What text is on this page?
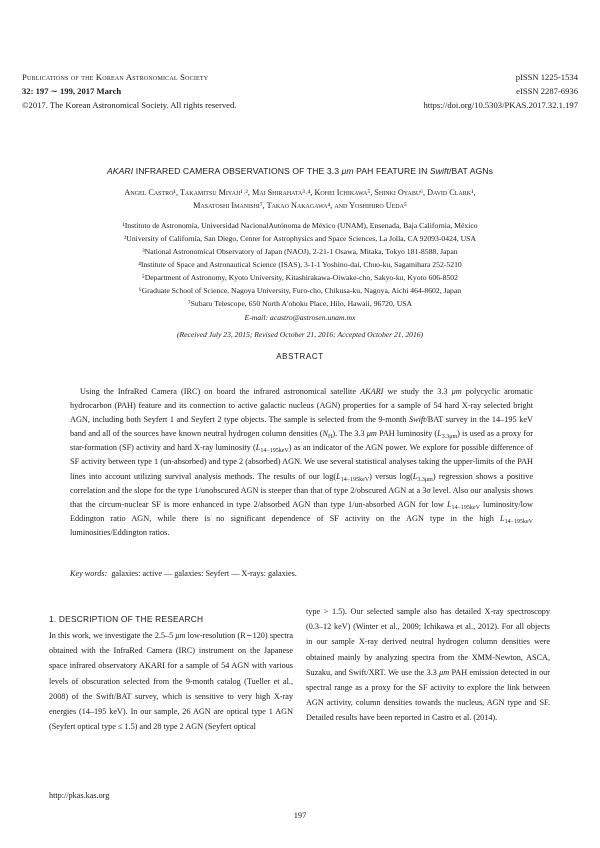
Publications of the Korean Astronomical Society
32: 197 ∼ 199, 2017 March
©2017. The Korean Astronomical Society. All rights reserved.
pISSN 1225-1534
eISSN 2287-6936
https://doi.org/10.5303/PKAS.2017.32.1.197
AKARI INFRARED CAMERA OBSERVATIONS OF THE 3.3 μm PAH FEATURE IN Swift/BAT AGNs
Angel Castro¹, Takamitsu Miyaji¹˒², Mai Shirahata³˒⁴, Kohei Ichikawa⁵, Shinki Oyabu⁶, David Clark¹,
Masatoshi Imanishi⁷, Takao Nakagawa⁴, and Yoshihiro Ueda⁵
¹Instituto de Astronomía, Universidad NacionalAutónoma de México (UNAM), Ensenada, Baja California, México
²University of California, San Diego, Center for Astrophysics and Space Sciences, La Jolla, CA 92093-0424, USA
³National Astronomical Observatory of Japan (NAOJ), 2-21-1 Osawa, Mitaka, Tokyo 181-8588, Japan
⁴Institute of Space and Astronautical Science (ISAS), 3-1-1 Yoshino-dai, Chuo-ku, Sagamihara 252-5210
⁵Department of Astronomy, Kyoto University, Kitashirakawa-Oiwake-cho, Sakyo-ku, Kyoto 606-8502
⁶Graduate School of Science, Nagoya University, Furo-cho, Chikusa-ku, Nagoya, Aichi 464-8602, Japan
⁷Subaru Telescope, 650 North A'ohoku Place, Hilo, Hawaii, 96720, USA
E-mail: acastro@astrosen.unam.mx
(Received July 23, 2015; Revised October 21, 2016; Accepted October 21, 2016)
ABSTRACT
Using the InfraRed Camera (IRC) on board the infrared astronomical satellite AKARI we study the 3.3 μm polycyclic aromatic hydrocarbon (PAH) feature and its connection to active galactic nucleus (AGN) properties for a sample of 54 hard X-ray selected bright AGN, including both Seyfert 1 and Seyfert 2 type objects. The sample is selected from the 9-month Swift/BAT survey in the 14–195 keV band and all of the sources have known neutral hydrogen column densities $(N_H)$. The 3.3 μm PAH luminosity $(L_{3.3\mu m})$ is used as a proxy for star-formation (SF) activity and hard X-ray luminosity $(L_{14-195keV})$ as an indicator of the AGN power. We explore for possible difference of SF activity between type 1 (un-absorbed) and type 2 (absorbed) AGN. We use several statistical analyses taking the upper-limits of the PAH lines into account utilizing survival analysis methods. The results of our $\log(L_{14-195keV})$ versus $\log(L_{3.3\mu m})$ regression shows a positive correlation and the slope for the type 1/unobscured AGN is steeper than that of type 2/obscured AGN at a 3σ level. Also our analysis shows that the circum-nuclear SF is more enhanced in type 2/absorbed AGN than type 1/un-absorbed AGN for low $L_{14-195keV}$ luminosity/low Eddington ratio AGN, while there is no significant dependence of SF activity on the AGN type in the high $L_{14-195keV}$ luminosities/Eddington ratios.
Key words: galaxies: active — galaxies: Seyfert — X-rays: galaxies.
1. DESCRIPTION OF THE RESEARCH

In this work, we investigate the 2.5–5 μm low-resolution (R∼120) spectra obtained with the InfraRed Camera (IRC) instrument on the Japanese space infrared observatory AKARI for a sample of 54 AGN with various levels of obscuration selected from the 9-month catalog (Tueller et al., 2008) of the Swift/BAT survey, which is sensitive to very high X-ray energies (14–195 keV). In our sample, 26 AGN are optical type 1 AGN (Seyfert optical type ≤ 1.5) and 28 type 2 AGN (Seyfert optical

type > 1.5). Our selected sample also has detailed X-ray spectroscopy (0.3–12 keV) (Winter et al., 2009; Ichikawa et al., 2012). For all objects in our sample X-ray derived neutral hydrogen column densities were obtained mainly by analyzing spectra from the XMM-Newton, ASCA, Suzaku, and Swift/XRT. We use the 3.3 μm PAH emission detected in our spectral range as a proxy for the SF activity to explore the link between AGN activity, column densities towards the nucleus, AGN type and SF. Detailed results have been reported in Castro et al. (2014).

http://pkas.kas.org
197
